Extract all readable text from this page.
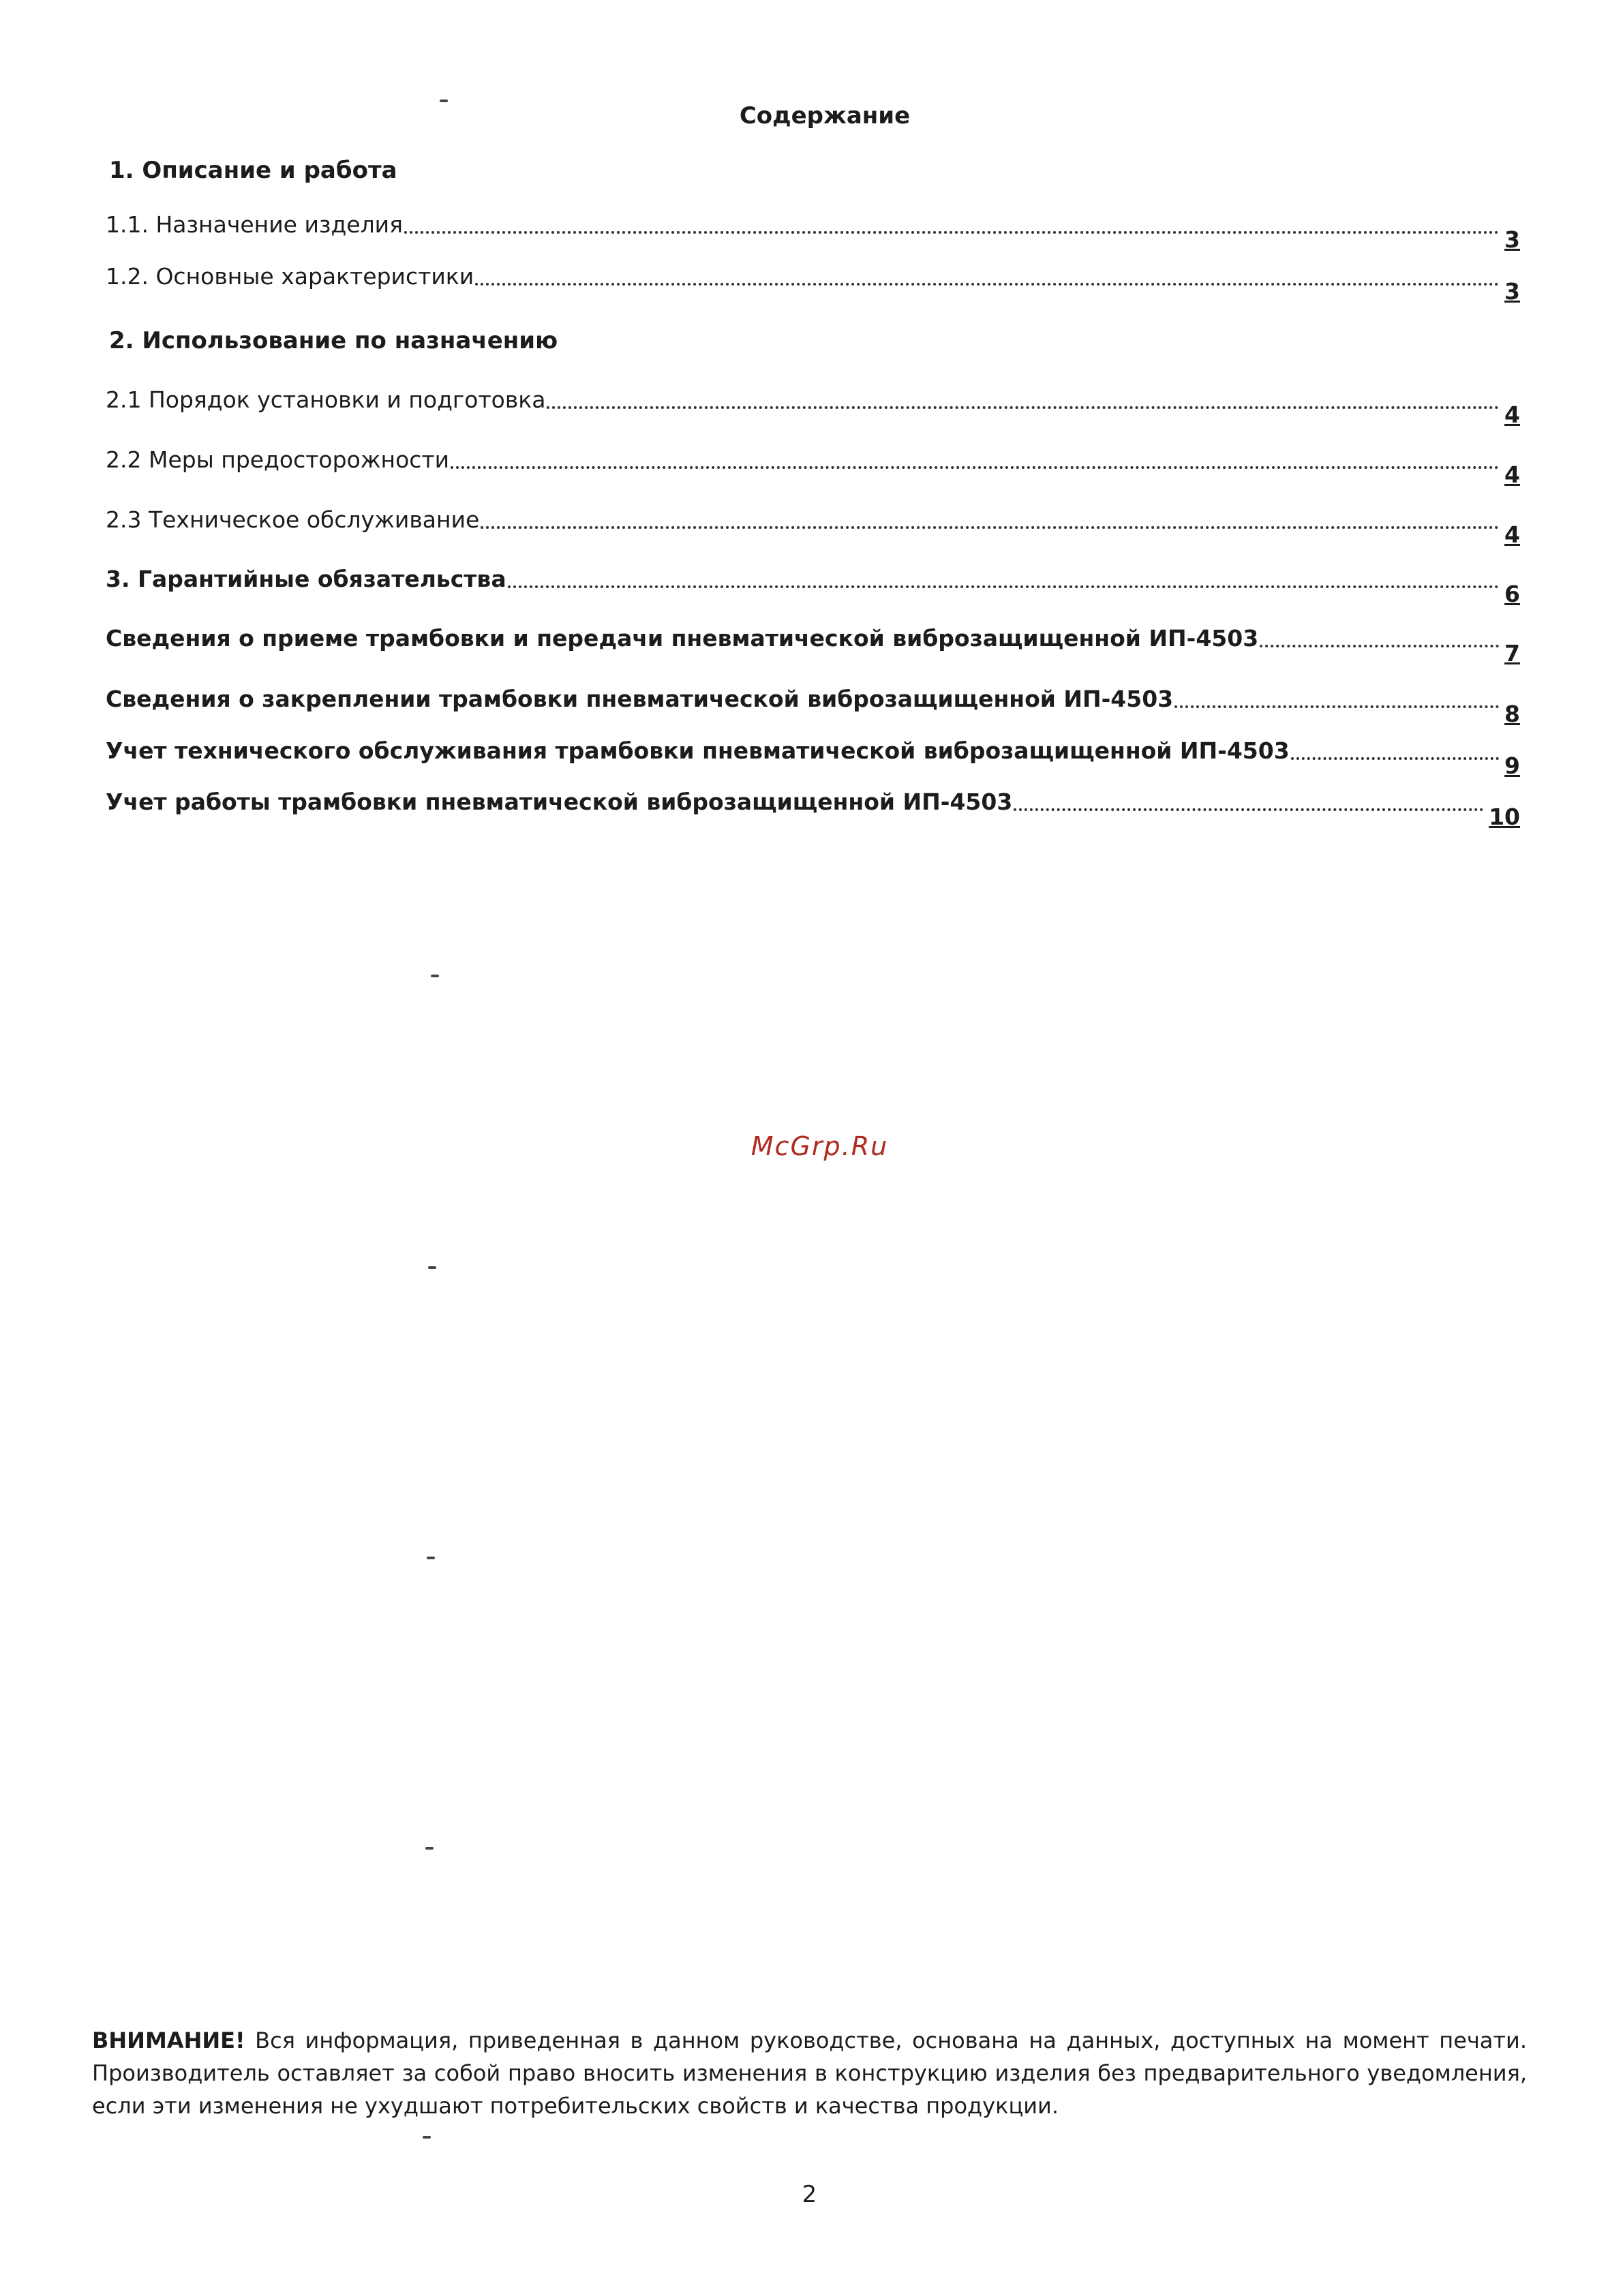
Содержание
1. Описание и работа
1.1. Назначение изделия
3
1.2. Основные характеристики
3
2. Использование по назначению
2.1 Порядок установки и подготовка
4
2.2 Меры предосторожности
4
2.3 Техническое обслуживание
4
3. Гарантийные обязательства
6
Сведения о приеме трамбовки и передачи пневматической виброзащищенной ИП-4503
7
Сведения о закреплении трамбовки пневматической виброзащищенной ИП-4503
8
Учет технического обслуживания трамбовки пневматической виброзащищенной ИП-4503
9
Учет работы трамбовки пневматической виброзащищенной ИП-4503
10
McGrp.Ru
ВНИМАНИЕ! Вся информация, приведенная в данном руководстве, основана на данных, доступных на момент печати. Производитель оставляет за собой право вносить изменения в конструкцию изделия без предварительного уведомления, если эти изменения не ухудшают потребительских свойств и качества продукции.
2
